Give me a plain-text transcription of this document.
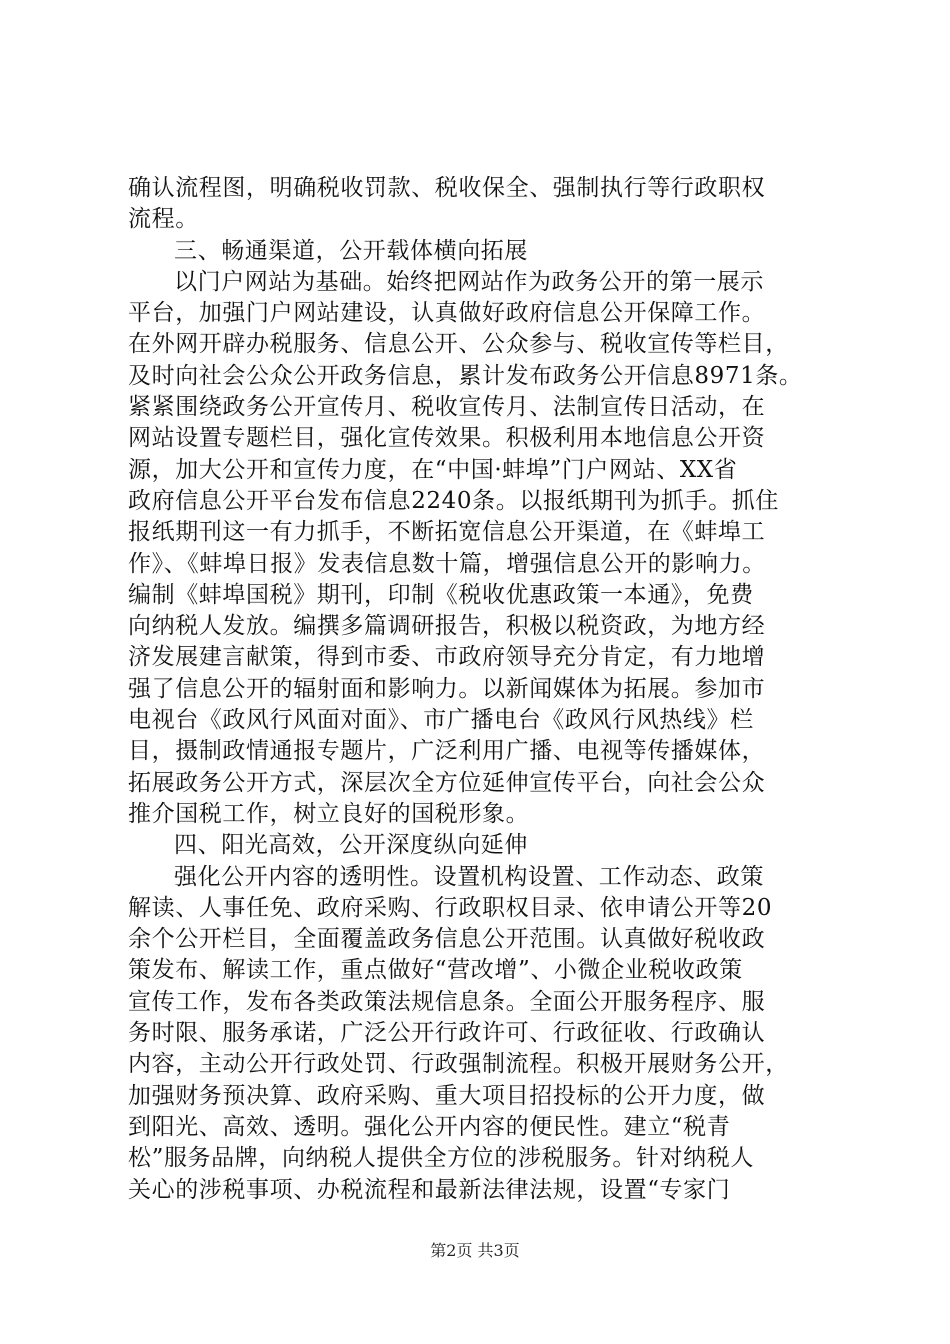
确认流程图，明确税收罚款、税收保全、强制执行等行政职权
流程。
三、畅通渠道，公开载体横向拓展
以门户网站为基础。始终把网站作为政务公开的第一展示
平台，加强门户网站建设，认真做好政府信息公开保障工作。
在外网开辟办税服务、信息公开、公众参与、税收宣传等栏目，
及时向社会公众公开政务信息，累计发布政务公开信息8971条。
紧紧围绕政务公开宣传月、税收宣传月、法制宣传日活动，在
网站设置专题栏目，强化宣传效果。积极利用本地信息公开资
源，加大公开和宣传力度，在“中国·蚌埠”门户网站、XX省
政府信息公开平台发布信息2240条。以报纸期刊为抓手。抓住
报纸期刊这一有力抓手，不断拓宽信息公开渠道，在《蚌埠工
作》、《蚌埠日报》发表信息数十篇，增强信息公开的影响力。
编制《蚌埠国税》期刊，印制《税收优惠政策一本通》，免费
向纳税人发放。编撰多篇调研报告，积极以税资政，为地方经
济发展建言献策，得到市委、市政府领导充分肯定，有力地增
强了信息公开的辐射面和影响力。以新闻媒体为拓展。参加市
电视台《政风行风面对面》、市广播电台《政风行风热线》栏
目，摄制政情通报专题片，广泛利用广播、电视等传播媒体，
拓展政务公开方式，深层次全方位延伸宣传平台，向社会公众
推介国税工作，树立良好的国税形象。
四、阳光高效，公开深度纵向延伸
强化公开内容的透明性。设置机构设置、工作动态、政策
解读、人事任免、政府采购、行政职权目录、依申请公开等20
余个公开栏目，全面覆盖政务信息公开范围。认真做好税收政
策发布、解读工作，重点做好“营改增”、小微企业税收政策
宣传工作，发布各类政策法规信息条。全面公开服务程序、服
务时限、服务承诺，广泛公开行政许可、行政征收、行政确认
内容，主动公开行政处罚、行政强制流程。积极开展财务公开，
加强财务预决算、政府采购、重大项目招投标的公开力度，做
到阳光、高效、透明。强化公开内容的便民性。建立“税青
松”服务品牌，向纳税人提供全方位的涉税服务。针对纳税人
关心的涉税事项、办税流程和最新法律法规，设置“专家门
第2页 共3页
